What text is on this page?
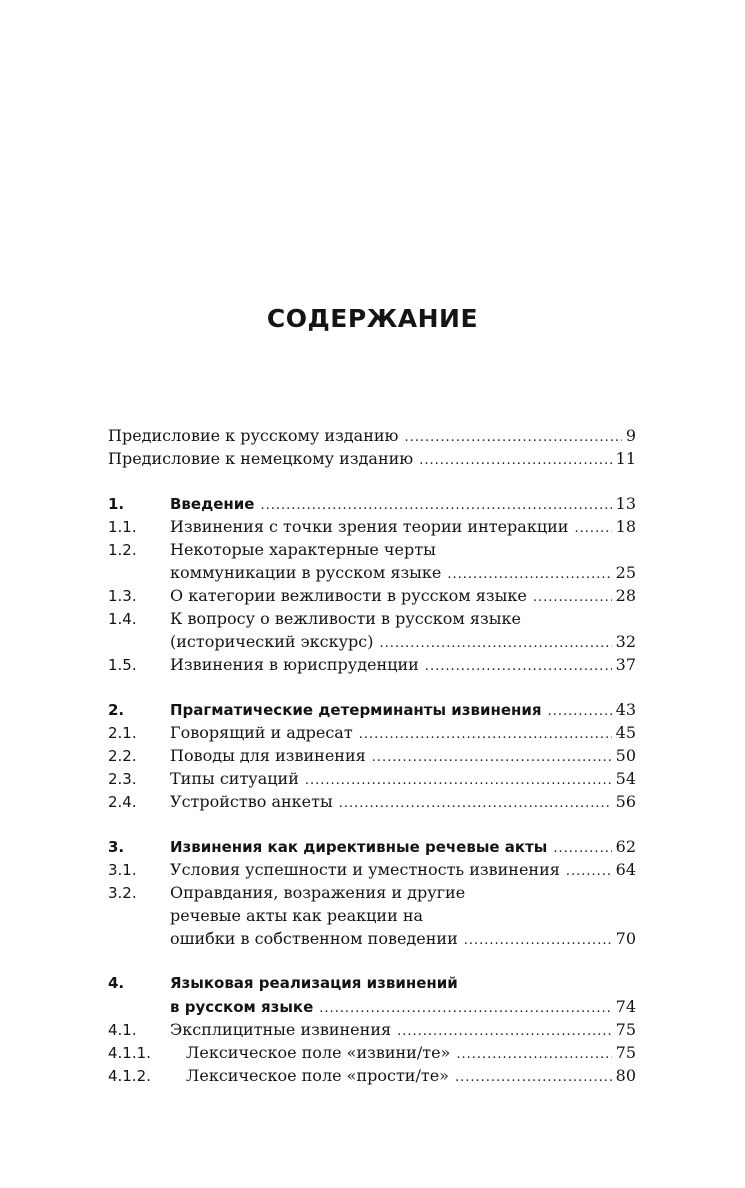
СОДЕРЖАНИЕ
Предисловие к русскому изданию .....	9
Предисловие к немецкому изданию .....	11
1.	Введение .....	13
1.1.	Извинения с точки зрения теории интеракции .....	18
1.2.	Некоторые характерные черты
коммуникации в русском языке .....	25
1.3.	О категории вежливости в русском языке .....	28
1.4.	К вопросу о вежливости в русском языке
(исторический экскурс) .....	32
1.5.	Извинения в юриспруденции .....	37
2.	Прагматические детерминанты извинения .....	43
2.1.	Говорящий и адресат .....	45
2.2.	Поводы для извинения .....	50
2.3.	Типы ситуаций .....	54
2.4.	Устройство анкеты .....	56
3.	Извинения как директивные речевые акты .....	62
3.1.	Условия успешности и уместность извинения .....	64
3.2.	Оправдания, возражения и другие
речевые акты как реакции на
ошибки в собственном поведении .....	70
4.	Языковая реализация извинений
в русском языке .....	74
4.1.	Эксплицитные извинения .....	75
4.1.1.	Лексическое поле «извини/те» .....	75
4.1.2.	Лексическое поле «прости/те» .....	80
